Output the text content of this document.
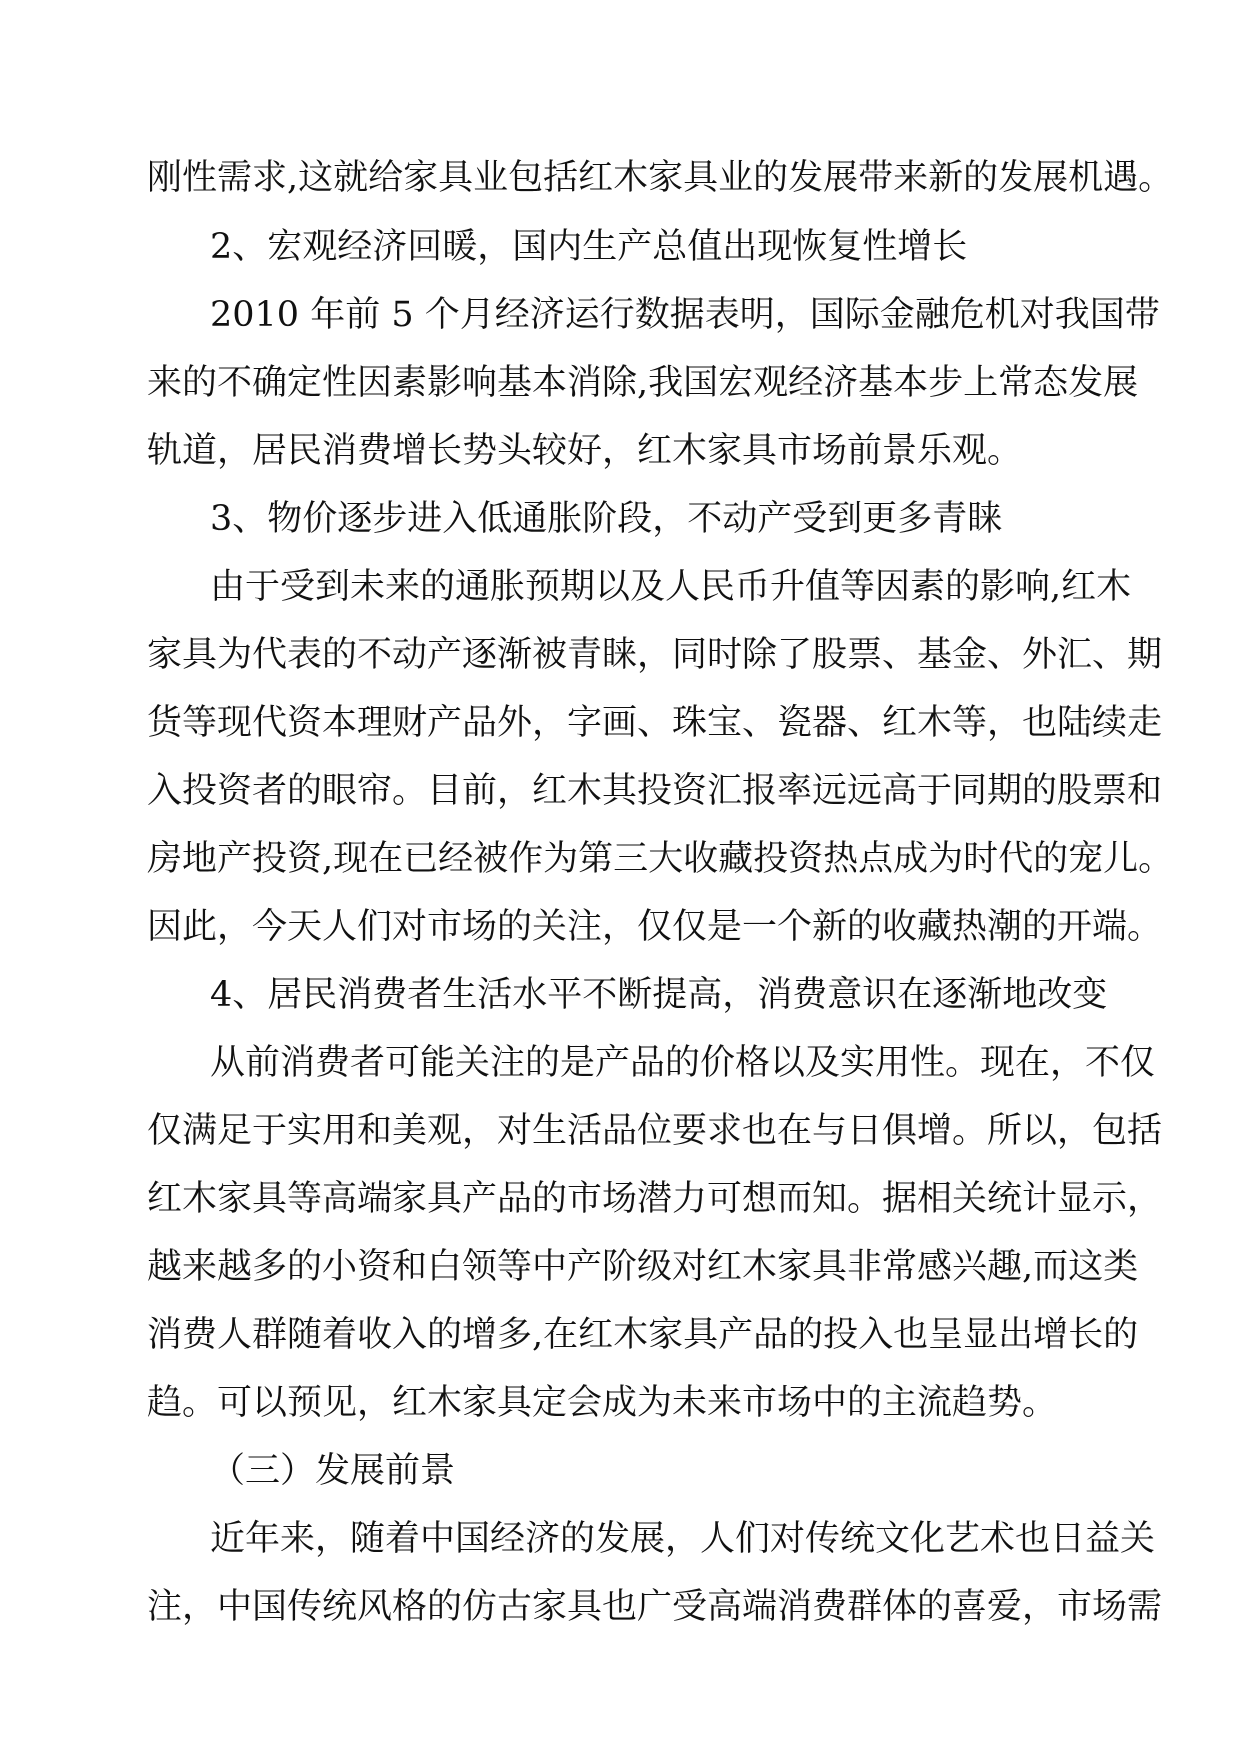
刚性需求,这就给家具业包括红木家具业的发展带来新的发展机遇。
2、宏观经济回暖，国内生产总值出现恢复性增长
2010 年前 5 个月经济运行数据表明，国际金融危机对我国带
来的不确定性因素影响基本消除,我国宏观经济基本步上常态发展
轨道，居民消费增长势头较好，红木家具市场前景乐观。
3、物价逐步进入低通胀阶段，不动产受到更多青睐
由于受到未来的通胀预期以及人民币升值等因素的影响,红木
家具为代表的不动产逐渐被青睐，同时除了股票、基金、外汇、期
货等现代资本理财产品外，字画、珠宝、瓷器、红木等，也陆续走
入投资者的眼帘。目前，红木其投资汇报率远远高于同期的股票和
房地产投资,现在已经被作为第三大收藏投资热点成为时代的宠儿。
因此，今天人们对市场的关注，仅仅是一个新的收藏热潮的开端。
4、居民消费者生活水平不断提高，消费意识在逐渐地改变
从前消费者可能关注的是产品的价格以及实用性。现在，不仅
仅满足于实用和美观，对生活品位要求也在与日俱增。所以，包括
红木家具等高端家具产品的市场潜力可想而知。据相关统计显示，
越来越多的小资和白领等中产阶级对红木家具非常感兴趣,而这类
消费人群随着收入的增多,在红木家具产品的投入也呈显出增长的
趋。可以预见，红木家具定会成为未来市场中的主流趋势。
（三）发展前景
近年来，随着中国经济的发展，人们对传统文化艺术也日益关
注，中国传统风格的仿古家具也广受高端消费群体的喜爱，市场需
